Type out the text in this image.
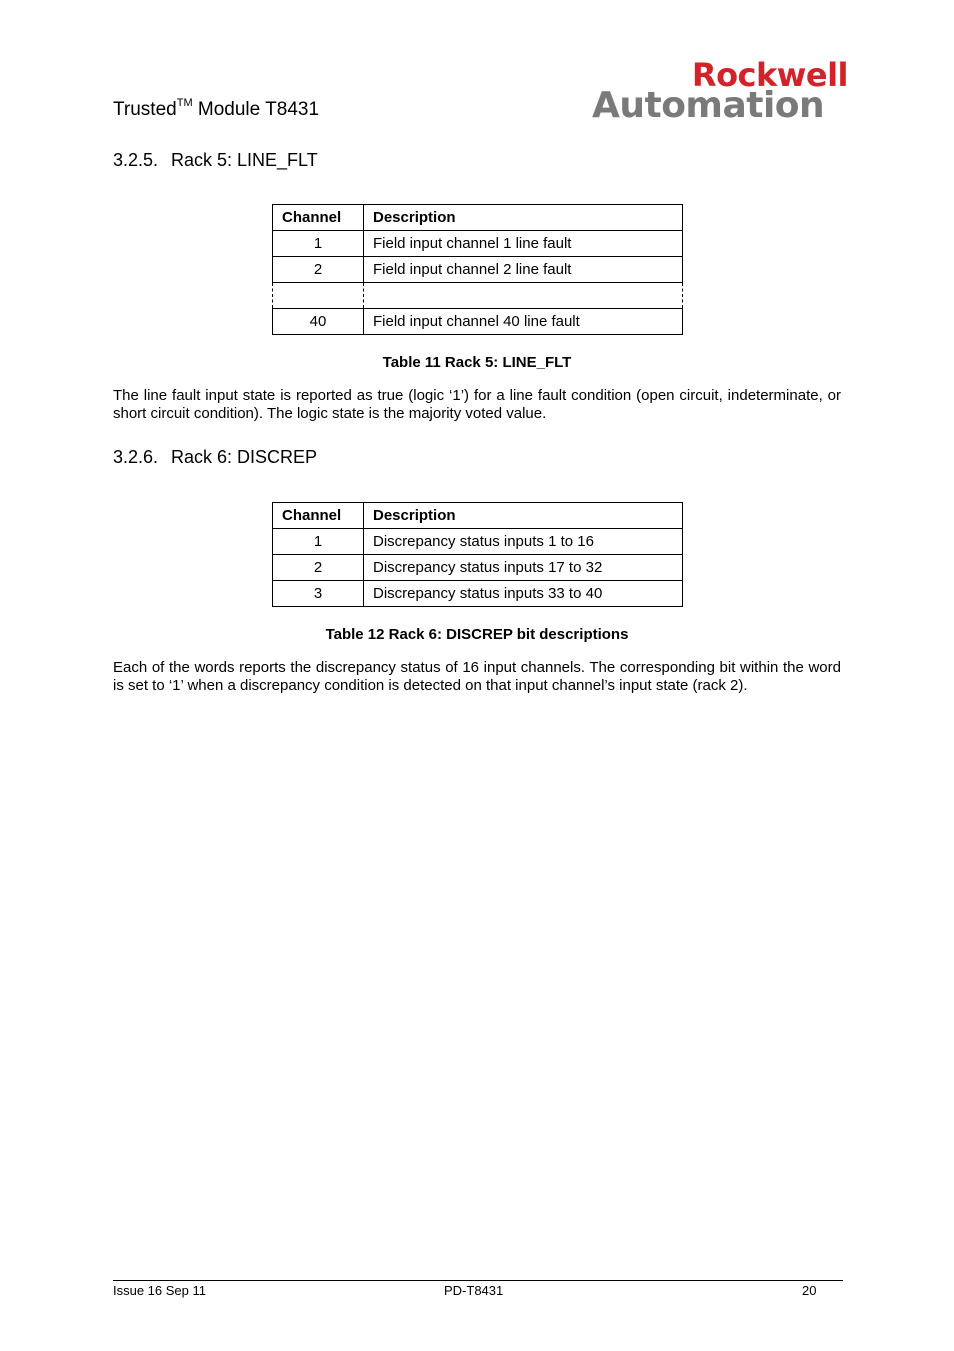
Trusted™ Module T8431
Rockwell
Automation
3.2.5. Rack 5: LINE_FLT
Channel	Description
1	Field input channel 1 line fault
2	Field input channel 2 line fault

40	Field input channel 40 line fault
Table 11 Rack 5: LINE_FLT
The line fault input state is reported as true (logic ‘1’) for a line fault condition (open circuit, indeterminate, or short circuit condition). The logic state is the majority voted value.
3.2.6. Rack 6: DISCREP
Channel	Description
1	Discrepancy status inputs 1 to 16
2	Discrepancy status inputs 17 to 32
3	Discrepancy status inputs 33 to 40
Table 12 Rack 6: DISCREP bit descriptions
Each of the words reports the discrepancy status of 16 input channels. The corresponding bit within the word is set to ‘1’ when a discrepancy condition is detected on that input channel’s input state (rack 2).
Issue 16 Sep 11	PD-T8431	20
